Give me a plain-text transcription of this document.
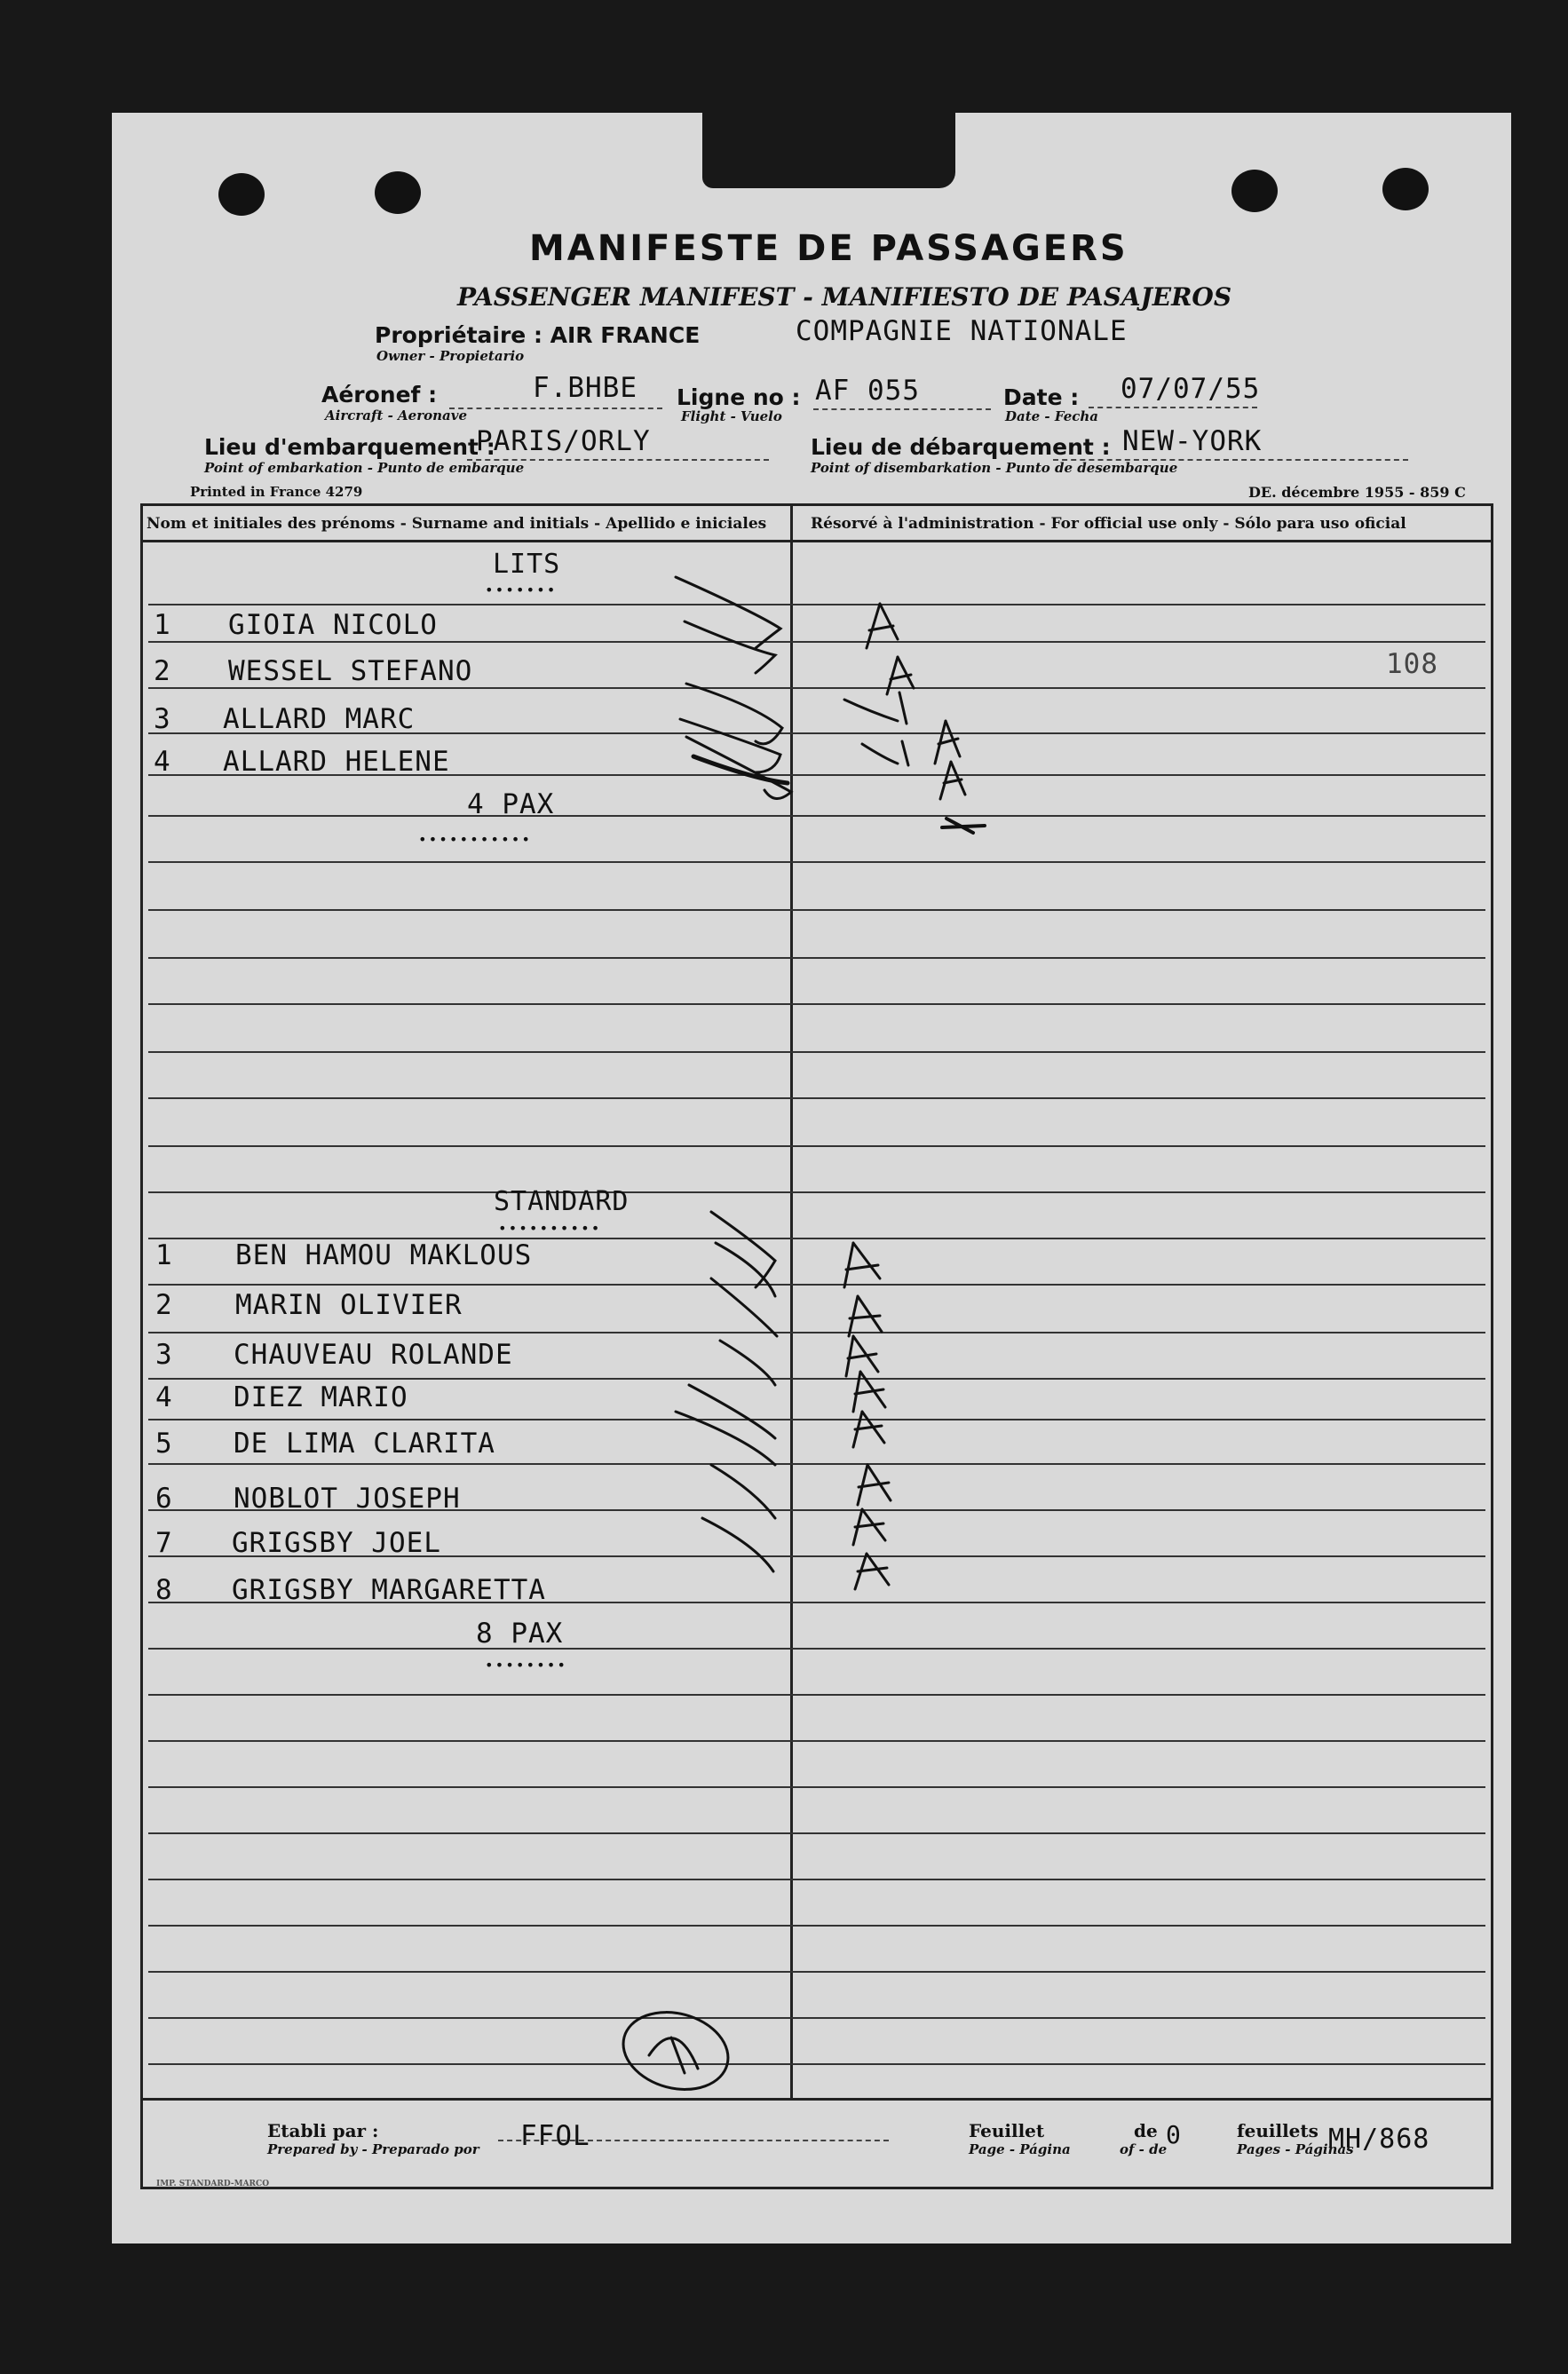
MANIFESTE DE PASSAGERS
PASSENGER MANIFEST - MANIFIESTO DE PASAJEROS
Propriétaire : AIR FRANCE
Owner - Propietario
COMPAGNIE NATIONALE
Aéronef :
Aircraft - Aeronave
F.BHBE Ligne no :
Flight - Vuelo
AF 055	Date :
Date - Fecha
07/07/55
Lieu d'embarquement :
Point of embarkation - Punto de embarque
PARIS/ORLY	Lieu de débarquement :
Point of disembarkation - Punto de desembarque
NEW-YORK
Printed in France 4279	DE. décembre 1955 - 859 C
Nom et initiales des prénoms - Surname and initials - Apellido e iniciales	Résorvé à l'administration - For official use only - Sólo para uso oficial
LITS
•••••••
1 GIOIA NICOLO
2 WESSEL STEFANO
3 ALLARD MARC
4 ALLARD HELENE
4 PAX
•••••••••••
108
STANDARD
••••••••••
1 BEN HAMOU MAKLOUS
2 MARIN OLIVIER
3 CHAUVEAU ROLANDE
4 DIEZ MARIO
5 DE LIMA CLARITA
6 NOBLOT JOSEPH
7 GRIGSBY JOEL
8 GRIGSBY MARGARETTA
8 PAX
••••••••
Etabli par :
Prepared by - Preparado por FFOL	Feuillet
Page - Página
de
of - de
0	feuillets
Pages - Páginas
MH/868
IMP. STANDARD-MARCO
